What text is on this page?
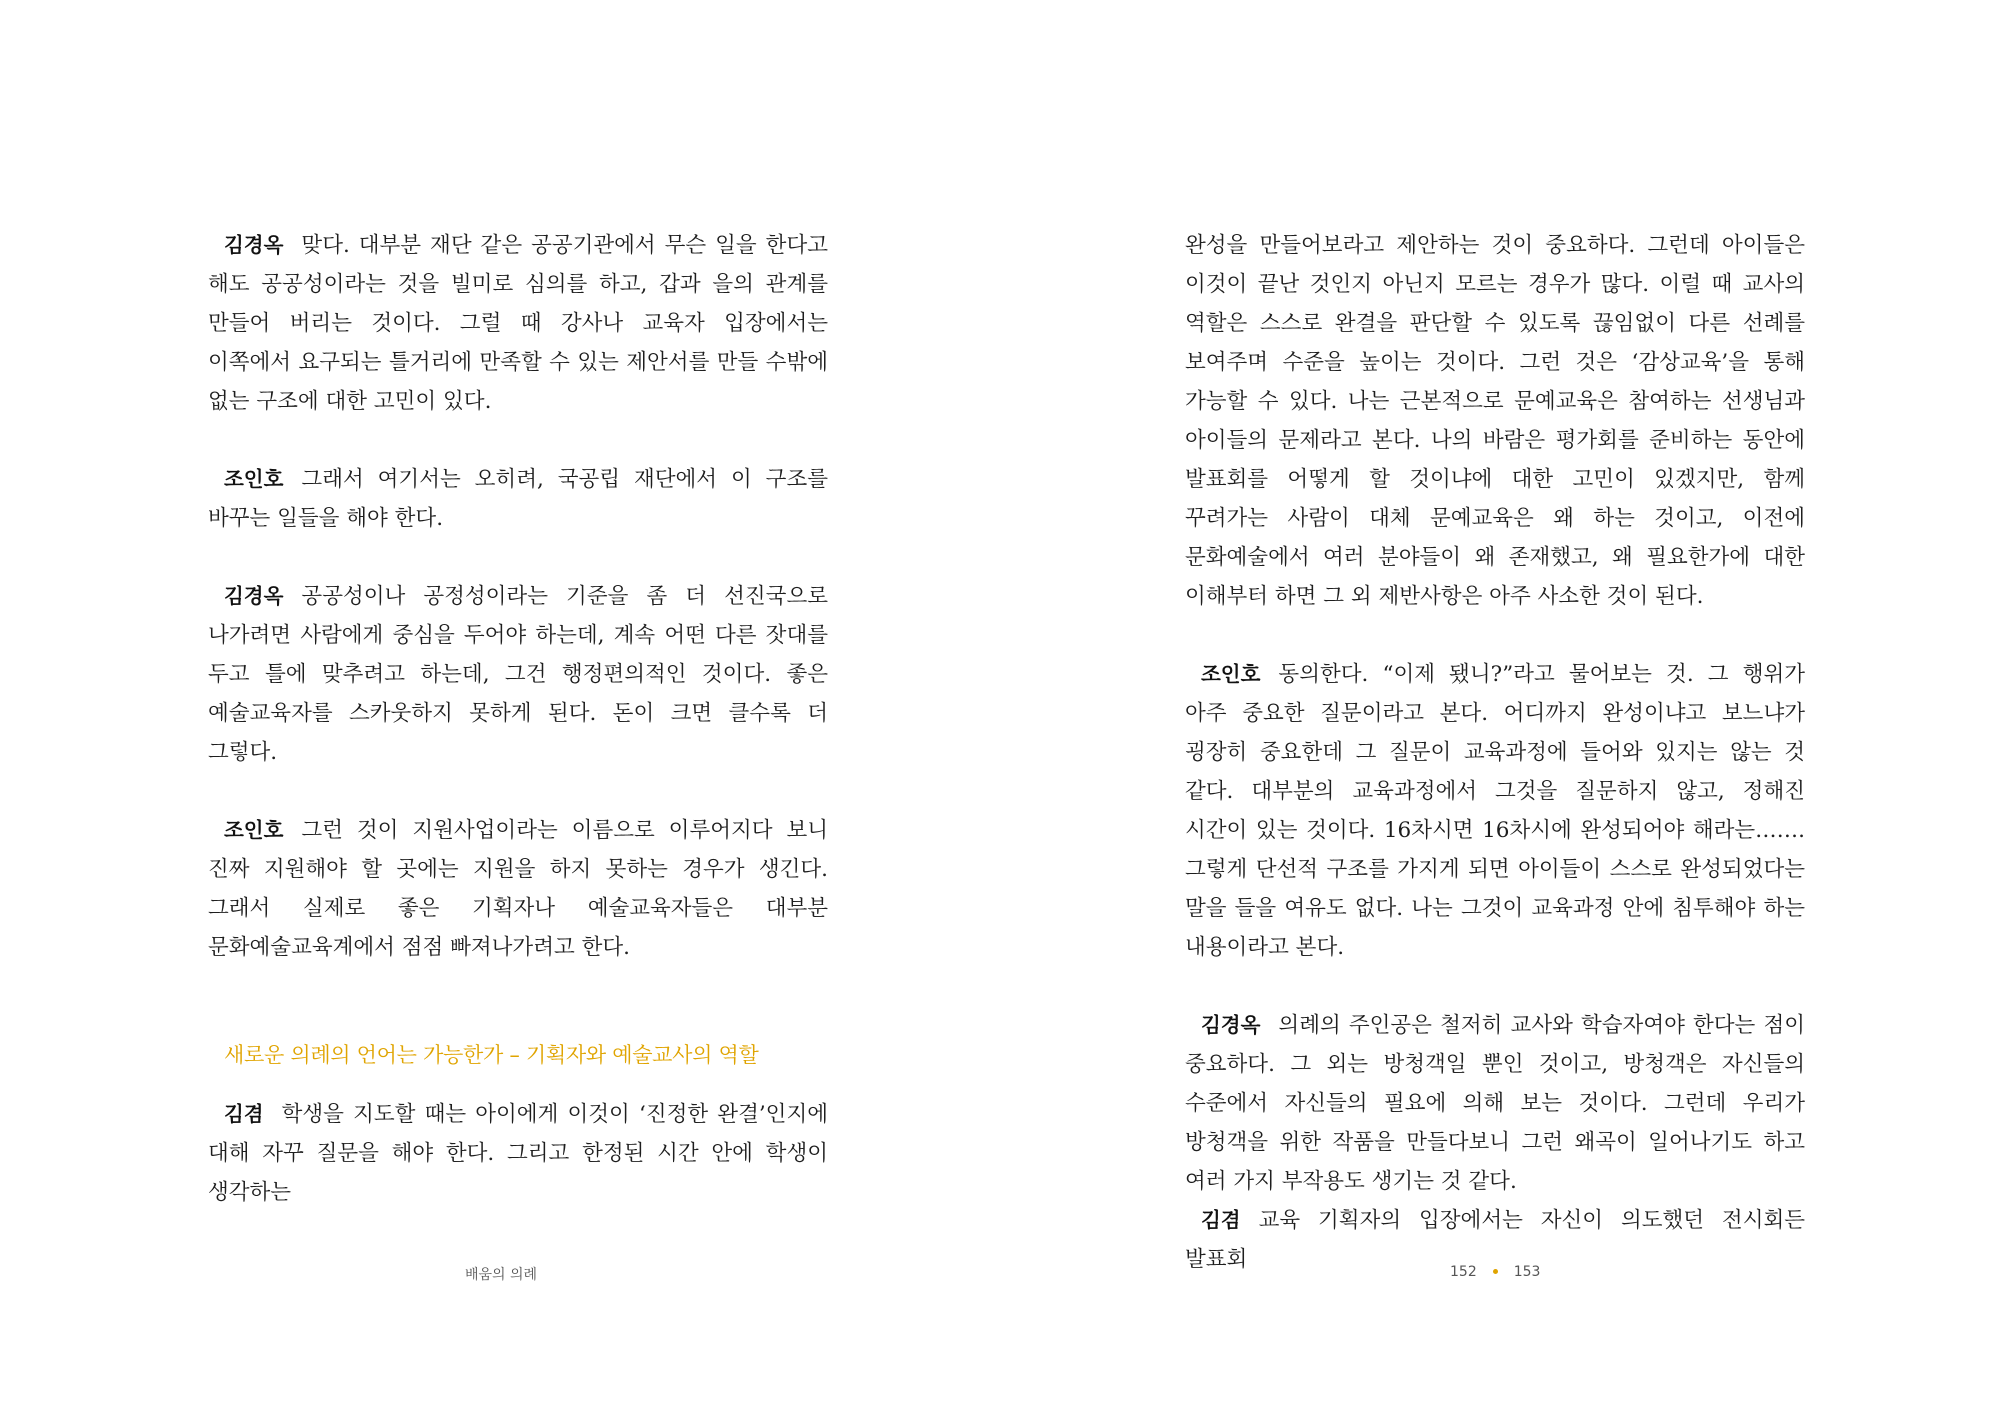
김경옥 맞다. 대부분 재단 같은 공공기관에서 무슨 일을 한다고 해도 공공성이라는 것을 빌미로 심의를 하고, 갑과 을의 관계를 만들어 버리는 것이다. 그럴 때 강사나 교육자 입장에서는 이쪽에서 요구되는 틀거리에 만족할 수 있는 제안서를 만들 수밖에 없는 구조에 대한 고민이 있다.

조인호 그래서 여기서는 오히려, 국공립 재단에서 이 구조를 바꾸는 일들을 해야 한다.

김경옥 공공성이나 공정성이라는 기준을 좀 더 선진국으로 나가려면 사람에게 중심을 두어야 하는데, 계속 어떤 다른 잣대를 두고 틀에 맞추려고 하는데, 그건 행정편의적인 것이다. 좋은 예술교육자를 스카웃하지 못하게 된다. 돈이 크면 클수록 더 그렇다.

조인호 그런 것이 지원사업이라는 이름으로 이루어지다 보니 진짜 지원해야 할 곳에는 지원을 하지 못하는 경우가 생긴다. 그래서 실제로 좋은 기획자나 예술교육자들은 대부분 문화예술교육계에서 점점 빠져나가려고 한다.

새로운 의례의 언어는 가능한가 – 기획자와 예술교사의 역할

김겸 학생을 지도할 때는 아이에게 이것이 ‘진정한 완결’인지에 대해 자꾸 질문을 해야 한다. 그리고 한정된 시간 안에 학생이 생각하는

배움의 의례

완성을 만들어보라고 제안하는 것이 중요하다. 그런데 아이들은 이것이 끝난 것인지 아닌지 모르는 경우가 많다. 이럴 때 교사의 역할은 스스로 완결을 판단할 수 있도록 끊임없이 다른 선례를 보여주며 수준을 높이는 것이다. 그런 것은 ‘감상교육’을 통해 가능할 수 있다. 나는 근본적으로 문예교육은 참여하는 선생님과 아이들의 문제라고 본다. 나의 바람은 평가회를 준비하는 동안에 발표회를 어떻게 할 것이냐에 대한 고민이 있겠지만, 함께 꾸려가는 사람이 대체 문예교육은 왜 하는 것이고, 이전에 문화예술에서 여러 분야들이 왜 존재했고, 왜 필요한가에 대한 이해부터 하면 그 외 제반사항은 아주 사소한 것이 된다.

조인호 동의한다. “이제 됐니?”라고 물어보는 것. 그 행위가 아주 중요한 질문이라고 본다. 어디까지 완성이냐고 보느냐가 굉장히 중요한데 그 질문이 교육과정에 들어와 있지는 않는 것 같다. 대부분의 교육과정에서 그것을 질문하지 않고, 정해진 시간이 있는 것이다. 16차시면 16차시에 완성되어야 해라는……. 그렇게 단선적 구조를 가지게 되면 아이들이 스스로 완성되었다는 말을 들을 여유도 없다. 나는 그것이 교육과정 안에 침투해야 하는 내용이라고 본다.

김경옥 의례의 주인공은 철저히 교사와 학습자여야 한다는 점이 중요하다. 그 외는 방청객일 뿐인 것이고, 방청객은 자신들의 수준에서 자신들의 필요에 의해 보는 것이다. 그런데 우리가 방청객을 위한 작품을 만들다보니 그런 왜곡이 일어나기도 하고 여러 가지 부작용도 생기는 것 같다.

김겸 교육 기획자의 입장에서는 자신이 의도했던 전시회든 발표회	152	153
